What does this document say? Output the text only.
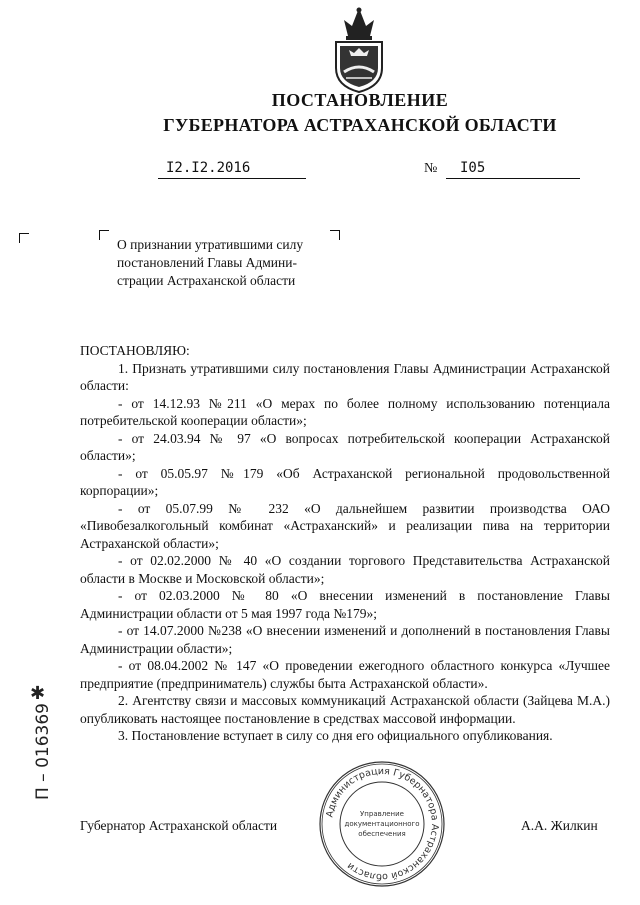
ПОСТАНОВЛЕНИЕ
ГУБЕРНАТОРА АСТРАХАНСКОЙ ОБЛАСТИ
I2.I2.2016	№	I05
О признании утратившими силу
постановлений Главы Админи-
страции Астраханской области

ПОСТАНОВЛЯЮ:

1. Признать утратившими силу постановления Главы Администрации Астраханской области:

- от 14.12.93 №211 «О мерах по более полному использованию потенциала потребительской кооперации области»;

- от 24.03.94 № 97 «О вопросах потребительской кооперации Астраханской области»;

- от 05.05.97 №179 «Об Астраханской региональной продовольственной корпорации»;

- от 05.07.99 № 232 «О дальнейшем развитии производства ОАО «Пивобезалкогольный комбинат «Астраханский» и реализации пива на территории Астраханской области»;

- от 02.02.2000 № 40 «О создании торгового Представительства Астраханской области в Москве и Московской области»;

- от 02.03.2000 № 80 «О внесении изменений в постановление Главы Администрации области от 5 мая 1997 года №179»;

- от 14.07.2000 №238 «О внесении изменений и дополнений в постановления Главы Администрации области»;

- от 08.04.2002 № 147 «О проведении ежегодного областного конкурса «Лучшее предприятие (предприниматель) службы быта Астраханской области».

2. Агентству связи и массовых коммуникаций Астраханской области (Зайцева М.А.) опубликовать настоящее постановление в средствах массовой информации.

3. Постановление вступает в силу со дня его официального опубликования.

Администрация Губернатора Астраханской области
Управление
документационного
обеспечения
Губернатор Астраханской области	А.А. Жилкин
✱
П – 016369
